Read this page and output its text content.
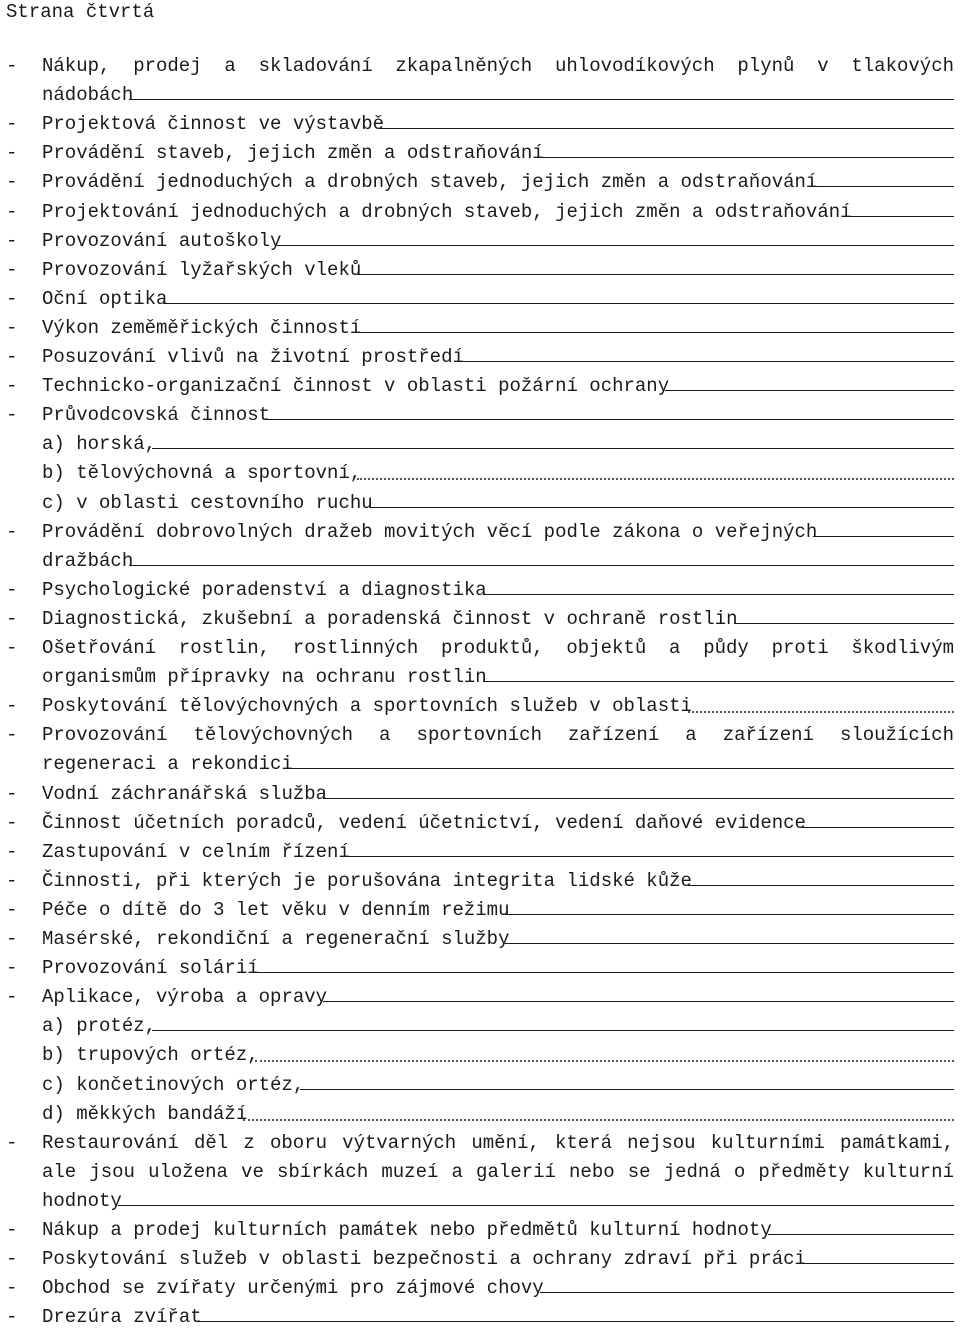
Strana čtvrtá
-	Nákup, prodej a skladování zkapalněných uhlovodíkových plynů v tlakových
nádobách
-	Projektová činnost ve výstavbě
-	Provádění staveb, jejich změn a odstraňování
-	Provádění jednoduchých a drobných staveb, jejich změn a odstraňování
-	Projektování jednoduchých a drobných staveb, jejich změn a odstraňování
-	Provozování autoškoly
-	Provozování lyžařských vleků
-	Oční optika
-	Výkon zeměměřických činností
-	Posuzování vlivů na životní prostředí
-	Technicko-organizační činnost v oblasti požární ochrany
-	Průvodcovská činnost
a) horská,
b) tělovýchovná a sportovní,
c) v oblasti cestovního ruchu
-	Provádění dobrovolných dražeb movitých věcí podle zákona o veřejných
dražbách
-	Psychologické poradenství a diagnostika
-	Diagnostická, zkušební a poradenská činnost v ochraně rostlin
-	Ošetřování rostlin, rostlinných produktů, objektů a půdy proti škodlivým
organismům přípravky na ochranu rostlin
-	Poskytování tělovýchovných a sportovních služeb v oblasti
-	Provozování tělovýchovných a sportovních zařízení a zařízení sloužících
regeneraci a rekondici
-	Vodní záchranářská služba
-	Činnost účetních poradců, vedení účetnictví, vedení daňové evidence
-	Zastupování v celním řízení
-	Činnosti, při kterých je porušována integrita lidské kůže
-	Péče o dítě do 3 let věku v denním režimu
-	Masérské, rekondiční a regenerační služby
-	Provozování solárií
-	Aplikace, výroba a opravy
a) protéz,
b) trupových ortéz,
c) končetinových ortéz,
d) měkkých bandáží
-	Restaurování děl z oboru výtvarných umění, která nejsou kulturními památkami,
ale jsou uložena ve sbírkách muzeí a galerií nebo se jedná o předměty kulturní
hodnoty
-	Nákup a prodej kulturních památek nebo předmětů kulturní hodnoty
-	Poskytování služeb v oblasti bezpečnosti a ochrany zdraví při práci
-	Obchod se zvířaty určenými pro zájmové chovy
-	Drezúra zvířat
